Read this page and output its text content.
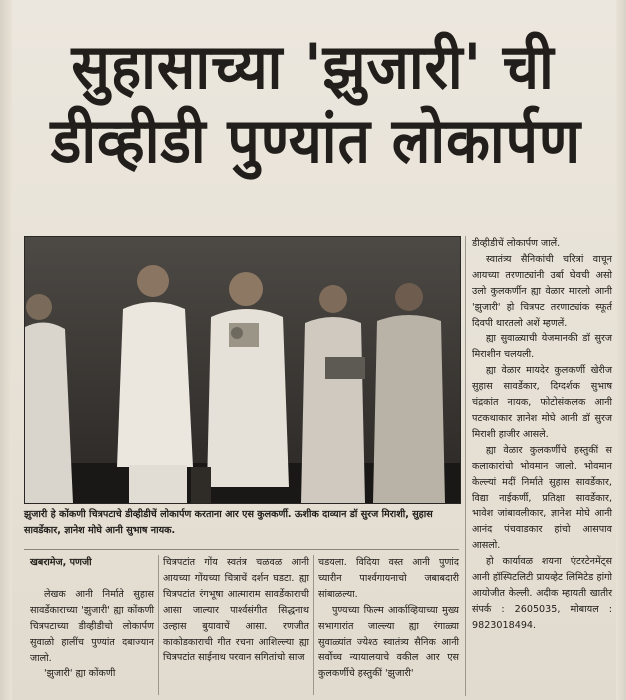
सुहासाच्या 'झुजारी' ची
डीव्हीडी पुण्यांत लोकार्पण
झुजारी हे कोंकणी चित्रपटाचे डीव्हीडीचें लोकार्पण करताना आर एस कुलकर्णी. ऊशीक दाव्यान डॉ सुरज मिराशी, सुहास सावर्डेकार, ज्ञानेश मोघे आनी सुभाष नायक.

खबरामेज, पणजी

लेखक आनी निर्माते सुहास सावर्डेकाराच्या 'झुजारी' ह्या कोंकणी चित्रपटाच्या डीव्हीडीचो लोकार्पण सुवाळो हालींच पुण्यांत दबाज्यान जालो.

'झुजारी' ह्या कोंकणी

चित्रपटांत गोंय स्वतंत्र चळवळ आनी आयच्या गोंयच्या चित्राचें दर्शन घडटा. ह्या चित्रपटांत रंगभूषा आत्माराम सावर्डेकाराची आसा जाल्यार पार्श्वसंगीत सिद्धनाथ उल्हास बुयावाचें आसा. रणजीत काकोडकाराची गीत रचना आशिल्ल्या ह्या चित्रपटांत साईनाथ परवान सगितांचो साज

चडयला. विदिया वस्त आनी पुणांद च्यारीन पार्श्वगायनाचो जबाबदारी सांबाळल्या.

पुण्यच्या फिल्म आर्काव्हियाच्या मुख्य सभागारांत जाल्ल्या ह्या रंगाळ्या सुवाळ्यांत ज्येश्ठ स्वातंत्र्य सैनिक आनी सर्वोच्च न्यायालयाचे वकील आर एस कुलकर्णीचे हस्तुकीं 'झुजारी'

डीव्हीडीचें लोकार्पण जालें.

स्वातंत्र्य सैनिकांची चरित्रां वाचून आयच्या तरणाट्यांनी उर्बा घेवची असो उलो कुलकर्णीन ह्या वेळार मारलो आनी 'झुजारी' हो चित्रपट तरणाट्यांक स्फूर्त दिवपी थारतलो अशें म्हणलें.

ह्या सुवाळ्याची येजमानकी डॉ सुरज मिराशीन चलयली.

ह्या वेळार मायदेर कुलकर्णी खेरीज सुहास सावर्डेकार, दिग्दर्शक सुभाष चंद्रकांत नायक, फोटोसंकलक आनी पटकथाकार ज्ञानेश मोघे आनी डॉ सुरज मिराशी हाजीर आसले.

ह्या वेळार कुलकर्णीचे हस्तुकीं स कलाकारांचो भोवमान जालो. भोवमान केल्ल्यां मदीं निर्माते सुहास सावर्डेकार, विद्या नाईकर्णी, प्रतिक्षा सावर्डेकार, भावेश जांबावलीकार, ज्ञानेश मोघे आनी आनंद पंचवाडकार हांचो आसपाव आसलो.

हो कार्यावळ शयना एंटरटेनमेंट्स आनी हॉस्पिटलिटी प्रायव्हेट लिमिटेड हांगो आयोजीत केल्ली. अदीक म्हायती खातीर संपर्क : 2605035, मोबायल : 9823018494.
